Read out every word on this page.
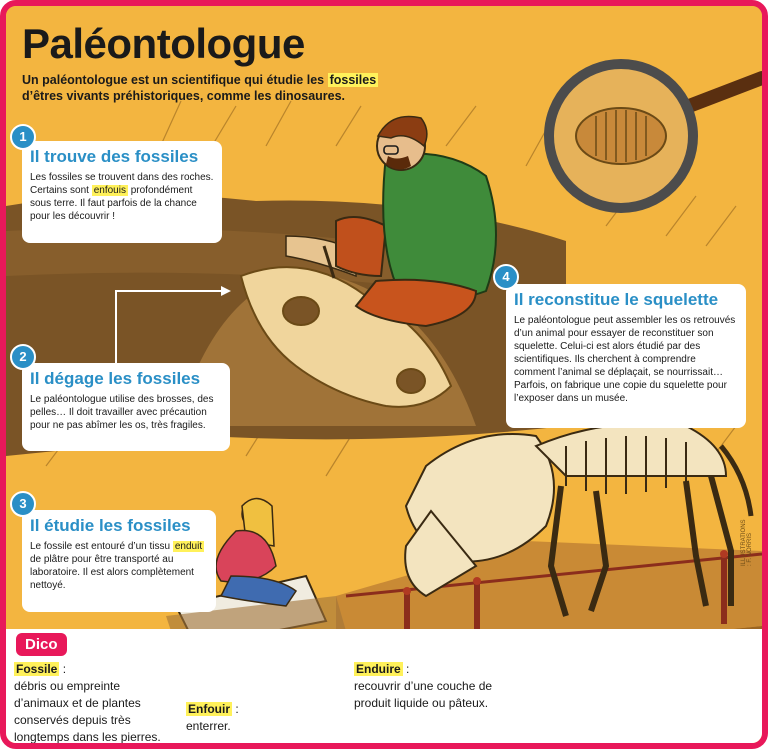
Paléontologue
Un paléontologue est un scientifique qui étudie les fossiles d’êtres vivants préhistoriques, comme les dinosaures.
Il trouve des fossiles

Les fossiles se trouvent dans des roches. Certains sont enfouis profondément sous terre. Il faut parfois de la chance pour les découvrir !

1
Il dégage les fossiles

Le paléontologue utilise des brosses, des pelles… Il doit travailler avec précaution pour ne pas abîmer les os, très fragiles.

2
Il étudie les fossiles

Le fossile est entouré d’un tissu enduit de plâtre pour être transporté au laboratoire. Il est alors complètement nettoyé.

3
Il reconstitue le squelette

Le paléontologue peut assembler les os retrouvés d’un animal pour essayer de reconstituer son squelette. Celui-ci est alors étudié par des scientifiques. Ils cherchent à comprendre comment l’animal se déplaçait, se nourrissait… Parfois, on fabrique une copie du squelette pour l’exposer dans un musée.

4
ILLUSTRATIONS : F. NORRIS
Dico
Fossile :
débris ou empreinte d’animaux et de plantes conservés depuis très longtemps dans les pierres.
Enfouir :
enterrer.
Enduire :
recouvrir d’une couche de produit liquide ou pâteux.
